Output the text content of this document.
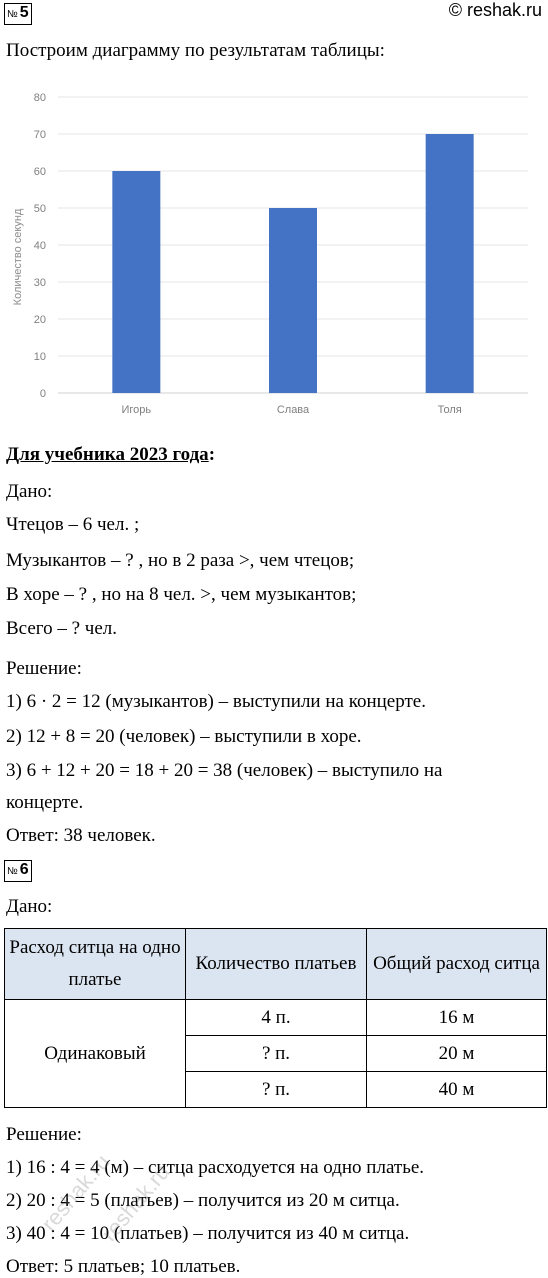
№ 5	© reshak.ru
Построим диаграмму по результатам таблицы:
0
10
20
30
40
50
60
70
80
Игорь	Слава	Толя
Количество секунд
Для учебника 2023 года:
Дано:
Чтецов – 6 чел. ;
Музыкантов – ? , но в 2 раза >, чем чтецов;
В хоре – ? , но на 8 чел. >, чем музыкантов;
Всего – ? чел.
Решение:
1) 6 · 2 = 12 (музыкантов) – выступили на концерте.
2) 12 + 8 = 20 (человек) – выступили в хоре.
3) 6 + 12 + 20 = 18 + 20 = 38 (человек) – выступило на
концерте.
Ответ: 38 человек.
№ 6
Дано:
Расход ситца на одно платье	Количество платьев	Общий расход ситца
Одинаковый	4 п.	16 м
	? п.	20 м
	? п.	40 м
Решение:
1) 16 : 4 = 4 (м) – ситца расходуется на одно платье.
2) 20 : 4 = 5 (платьев) – получится из 20 м ситца.
3) 40 : 4 = 10 (платьев) – получится из 40 м ситца.
Ответ: 5 платьев; 10 платьев.
reshak.ru
reshak.ru
